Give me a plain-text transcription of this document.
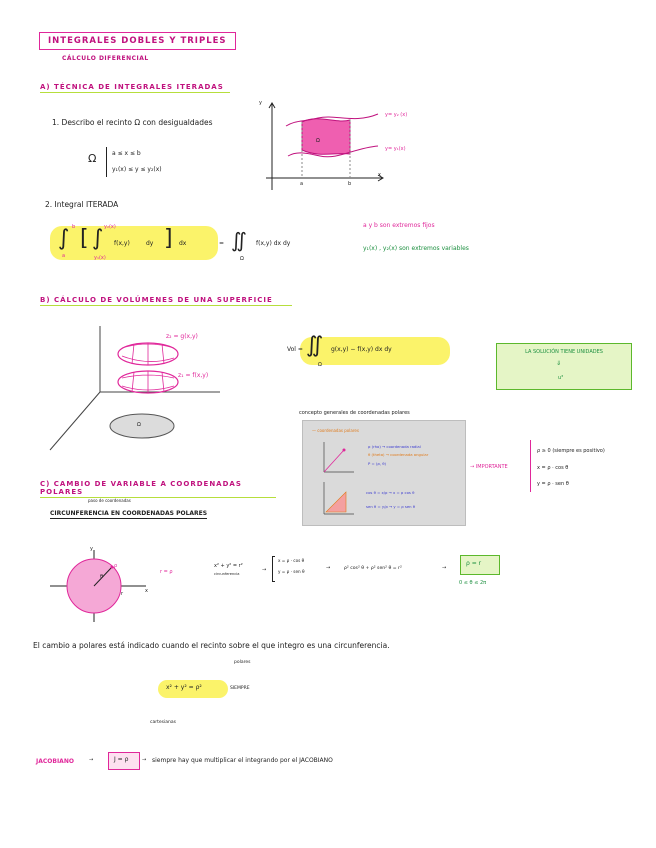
INTEGRALES DOBLES Y TRIPLES
CÁLCULO DIFERENCIAL
A) TÉCNICA DE INTEGRALES ITERADAS
1. Describo el recinto Ω con desigualdades
Ω	a ≤ x ≤ b
y₁(x) ≤ y ≤ y₂(x)
y
x
a	b
y= y₂ (x)
y= y₁(x)
Ω
2. Integral ITERADA
∫ b
a
[ ∫ y₂(x)
y₁(x)
f(x,y)	dy ] dx	= ∬
Ω
f(x,y) dx dy
a y b son extremos fijos
y₁(x) , y₂(x) son extremos variables
B) CÁLCULO DE VOLÚMENES DE UNA SUPERFICIE
z₂ = g(x,y)
z₁ = f(x,y)
Ω
Vol = ∬
Ω
g(x,y) − f(x,y) dx dy	LA SOLUCIÓN TIENE UNIDADES
⇓
u³
concepto generales de coordenadas polares
— coordenadas polares
ρ (rho) → coordenada radial
θ (theta) → coordenada angular
P = (ρ, θ)
cos θ = x/ρ → x = ρ cos θ
sen θ = y/ρ → y = ρ sen θ
→ IMPORTANTE
ρ ≥ 0 (siempre es positivo)
x = ρ · cos θ
y = ρ · sen θ
C) CAMBIO DE VARIABLE A COORDENADAS POLARES
paso de coordenadas
CIRCUNFERENCIA EN COORDENADAS POLARES
y
x
θ
r
ρ
r = ρ
x² + y² = r²
circunferencia
→
x = ρ · cos θ
y = ρ · sen θ
→	ρ² cos² θ + ρ² sen² θ = r²	→
ρ = r
0 ≤ θ ≤ 2π
El cambio a polares está indicado cuando el recinto sobre el que integro es una circunferencia.
x² + y² = ρ²
polares
SIEMPRE
cartesianas
JACOBIANO	→	J = ρ	→ siempre hay que multiplicar el integrando por el JACOBIANO
